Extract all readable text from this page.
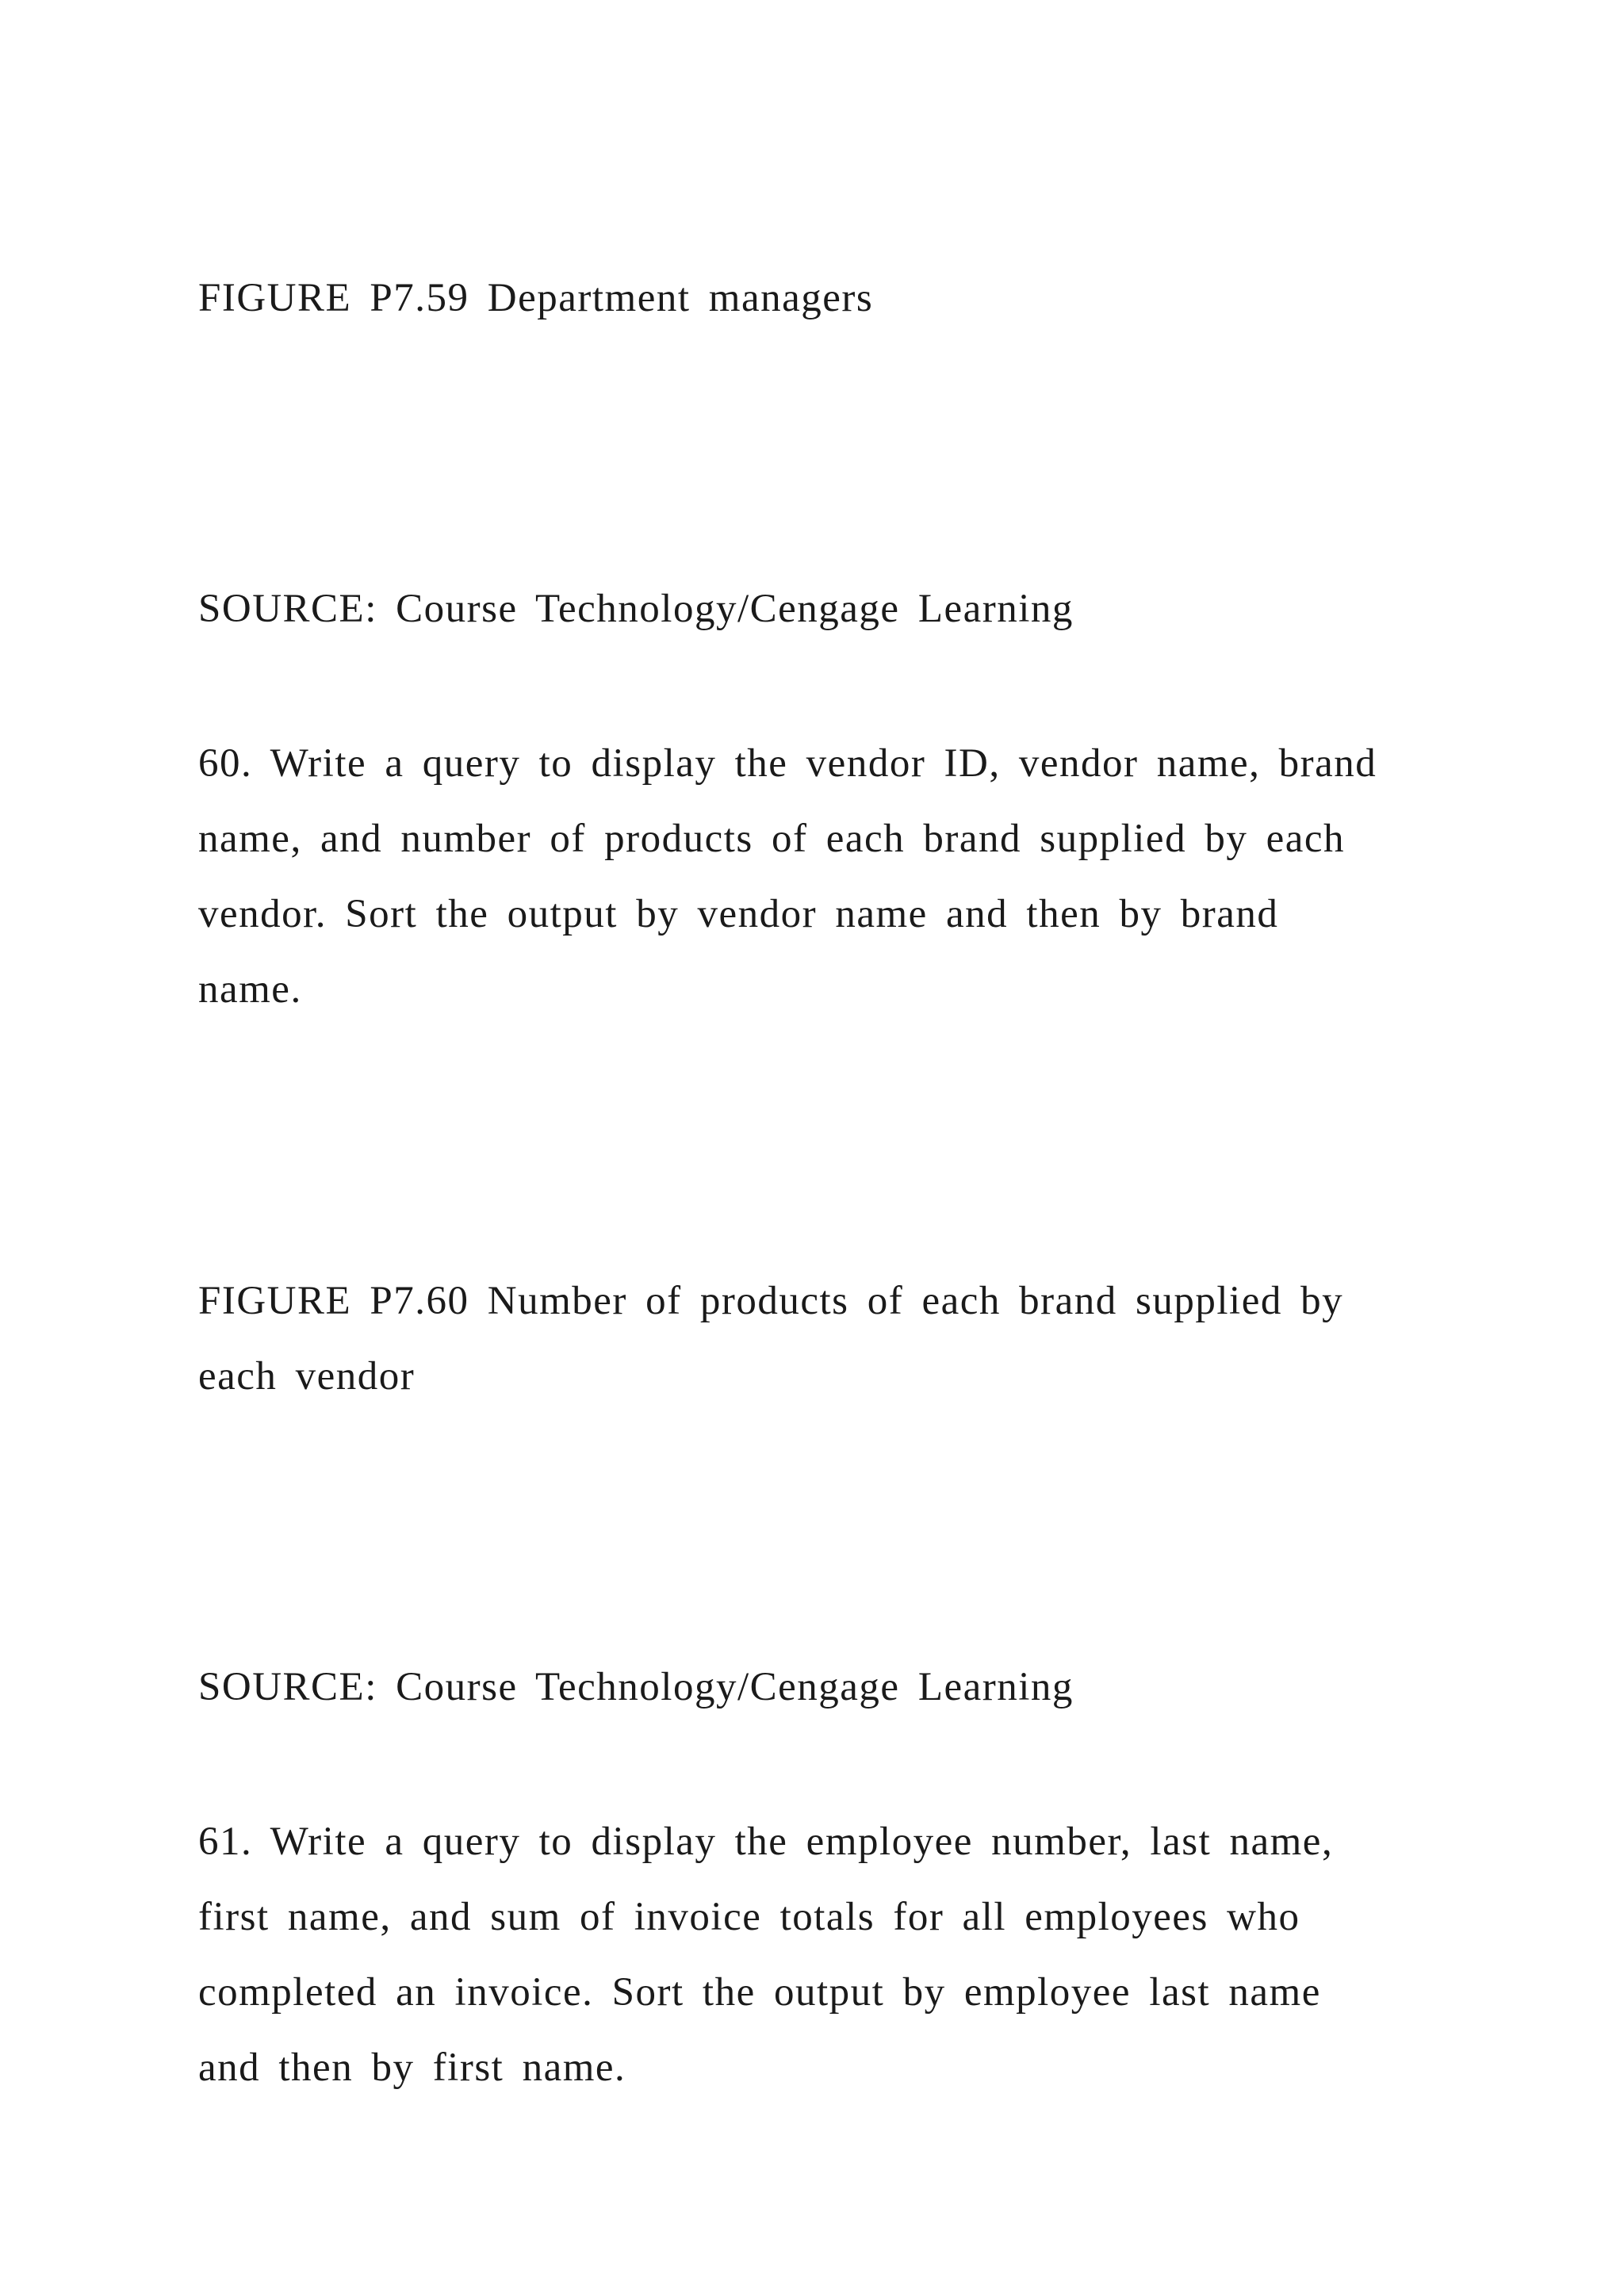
FIGURE P7.59 Department managers

SOURCE: Course Technology/Cengage Learning

60. Write a query to display the vendor ID, vendor name, brand

name, and number of products of each brand supplied by each

vendor. Sort the output by vendor name and then by brand

name.

FIGURE P7.60 Number of products of each brand supplied by

each vendor

SOURCE: Course Technology/Cengage Learning

61. Write a query to display the employee number, last name,

first name, and sum of invoice totals for all employees who

completed an invoice. Sort the output by employee last name

and then by first name.
